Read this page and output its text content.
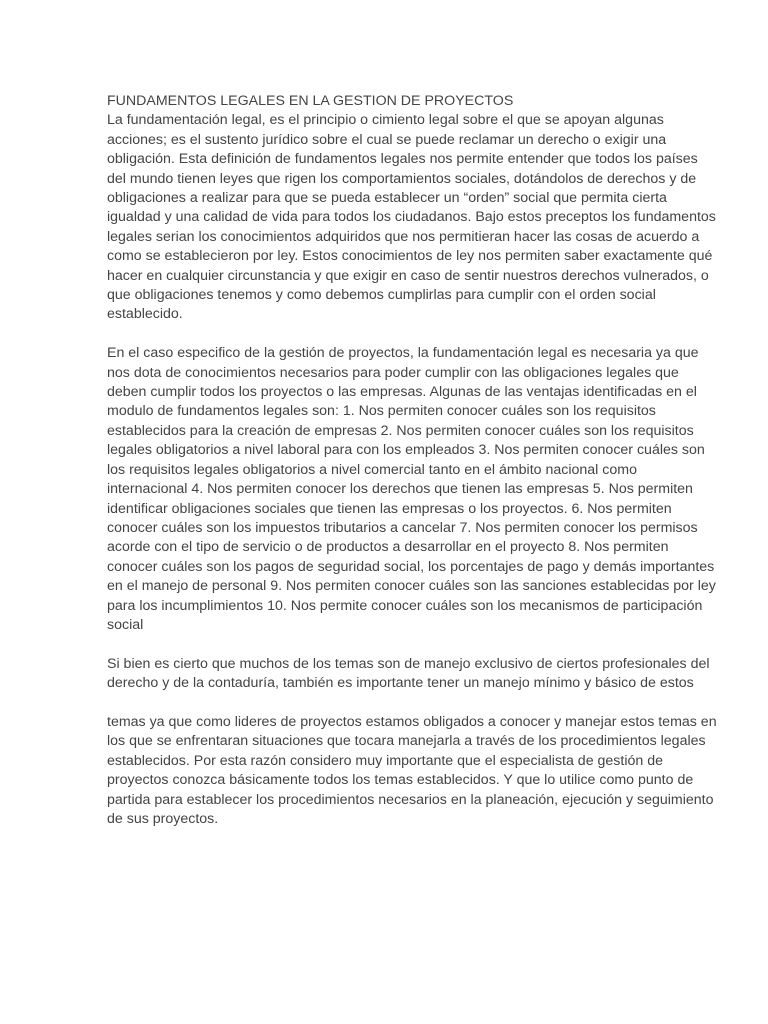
FUNDAMENTOS LEGALES EN LA GESTION DE PROYECTOS

La fundamentación legal, es el principio o cimiento legal sobre el que se apoyan algunas acciones; es el sustento jurídico sobre el cual se puede reclamar un derecho o exigir una obligación. Esta definición de fundamentos legales nos permite entender que todos los países del mundo tienen leyes que rigen los comportamientos sociales, dotándolos de derechos y de obligaciones a realizar para que se pueda establecer un “orden” social que permita cierta igualdad y una calidad de vida para todos los ciudadanos. Bajo estos preceptos los fundamentos legales serian los conocimientos adquiridos que nos permitieran hacer las cosas de acuerdo a como se establecieron por ley. Estos conocimientos de ley nos permiten saber exactamente qué hacer en cualquier circunstancia y que exigir en caso de sentir nuestros derechos vulnerados, o que obligaciones tenemos y como debemos cumplirlas para cumplir con el orden social establecido.

En el caso especifico de la gestión de proyectos, la fundamentación legal es necesaria ya que nos dota de conocimientos necesarios para poder cumplir con las obligaciones legales que deben cumplir todos los proyectos o las empresas. Algunas de las ventajas identificadas en el modulo de fundamentos legales son: 1. Nos permiten conocer cuáles son los requisitos establecidos para la creación de empresas 2. Nos permiten conocer cuáles son los requisitos legales obligatorios a nivel laboral para con los empleados 3. Nos permiten conocer cuáles son los requisitos legales obligatorios a nivel comercial tanto en el ámbito nacional como internacional 4. Nos permiten conocer los derechos que tienen las empresas 5. Nos permiten identificar obligaciones sociales que tienen las empresas o los proyectos. 6. Nos permiten conocer cuáles son los impuestos tributarios a cancelar 7. Nos permiten conocer los permisos acorde con el tipo de servicio o de productos a desarrollar en el proyecto 8. Nos permiten conocer cuáles son los pagos de seguridad social, los porcentajes de pago y demás importantes en el manejo de personal 9. Nos permiten conocer cuáles son las sanciones establecidas por ley para los incumplimientos 10. Nos permite conocer cuáles son los mecanismos de participación social

Si bien es cierto que muchos de los temas son de manejo exclusivo de ciertos profesionales del derecho y de la contaduría, también es importante tener un manejo mínimo y básico de estos

temas ya que como lideres de proyectos estamos obligados a conocer y manejar estos temas en los que se enfrentaran situaciones que tocara manejarla a través de los procedimientos legales establecidos. Por esta razón considero muy importante que el especialista de gestión de proyectos conozca básicamente todos los temas establecidos. Y que lo utilice como punto de partida para establecer los procedimientos necesarios en la planeación, ejecución y seguimiento de sus proyectos.
